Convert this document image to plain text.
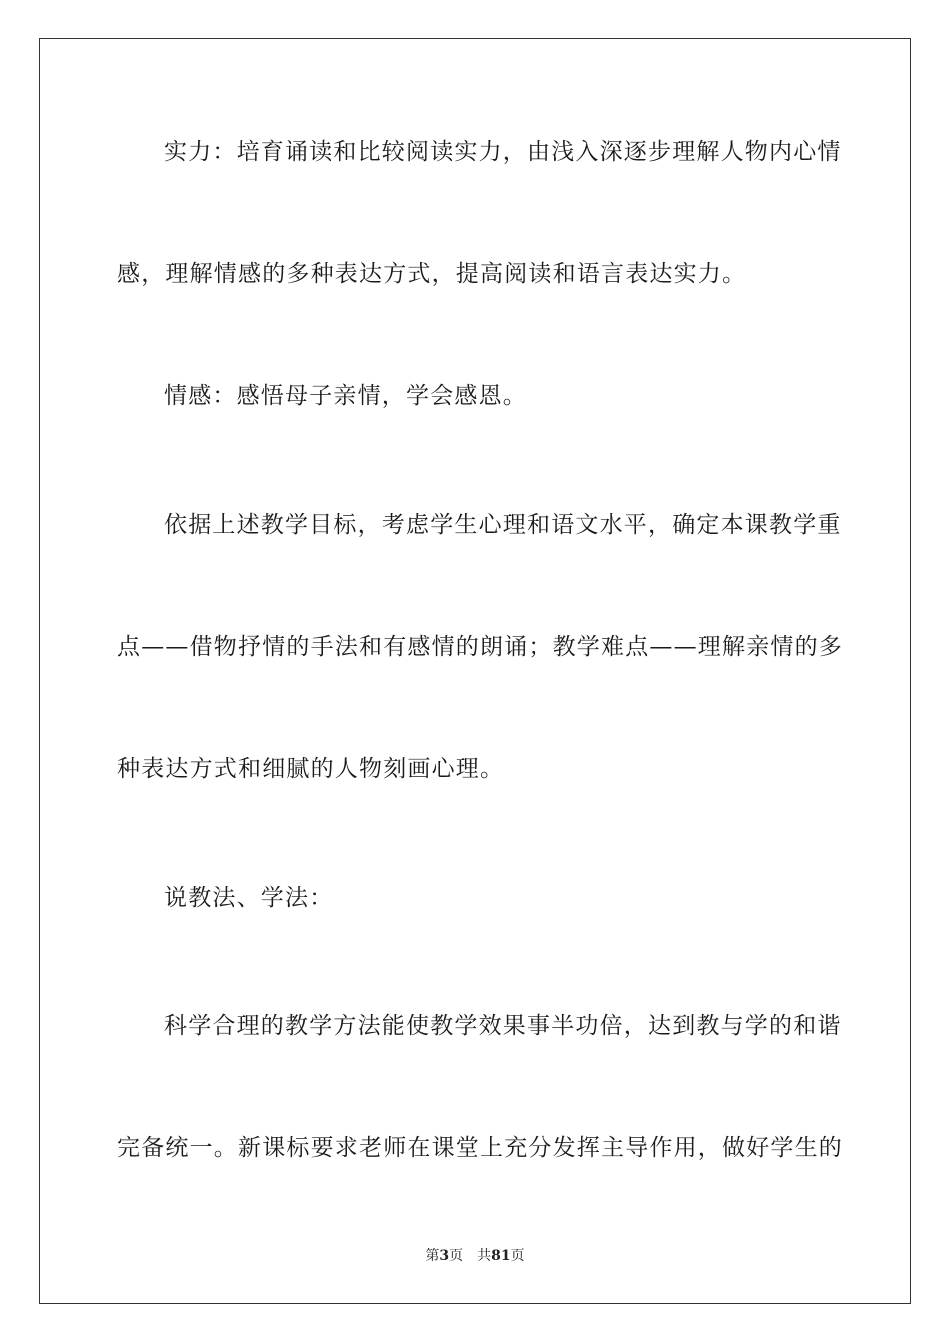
实力：培育诵读和比较阅读实力，由浅入深逐步理解人物内心情
感，理解情感的多种表达方式，提高阅读和语言表达实力。
情感：感悟母子亲情，学会感恩。
依据上述教学目标，考虑学生心理和语文水平，确定本课教学重
点——借物抒情的手法和有感情的朗诵；教学难点——理解亲情的多
种表达方式和细腻的人物刻画心理。
说教法、学法：
科学合理的教学方法能使教学效果事半功倍，达到教与学的和谐
完备统一。新课标要求老师在课堂上充分发挥主导作用，做好学生的
第3页 共81页
